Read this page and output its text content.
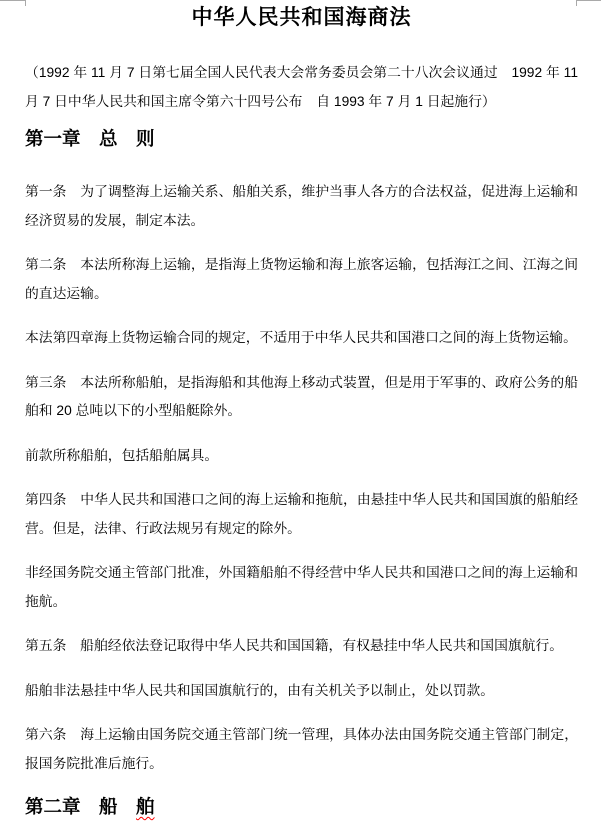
中华人民共和国海商法

（1992 年 11 月 7 日第七届全国人民代表大会常务委员会第二十八次会议通过　1992 年 11 月 7 日中华人民共和国主席令第六十四号公布　自 1993 年 7 月 1 日起施行）

第一章　总　则

第一条　为了调整海上运输关系、船舶关系，维护当事人各方的合法权益，促进海上运输和经济贸易的发展，制定本法。

第二条　本法所称海上运输，是指海上货物运输和海上旅客运输，包括海江之间、江海之间的直达运输。

本法第四章海上货物运输合同的规定，不适用于中华人民共和国港口之间的海上货物运输。

第三条　本法所称船舶，是指海船和其他海上移动式装置，但是用于军事的、政府公务的船舶和 20 总吨以下的小型船艇除外。

前款所称船舶，包括船舶属具。

第四条　中华人民共和国港口之间的海上运输和拖航，由悬挂中华人民共和国国旗的船舶经营。但是，法律、行政法规另有规定的除外。

非经国务院交通主管部门批准，外国籍船舶不得经营中华人民共和国港口之间的海上运输和拖航。

第五条　船舶经依法登记取得中华人民共和国国籍，有权悬挂中华人民共和国国旗航行。

船舶非法悬挂中华人民共和国国旗航行的，由有关机关予以制止，处以罚款。

第六条　海上运输由国务院交通主管部门统一管理，具体办法由国务院交通主管部门制定，报国务院批准后施行。

第二章　船　舶
